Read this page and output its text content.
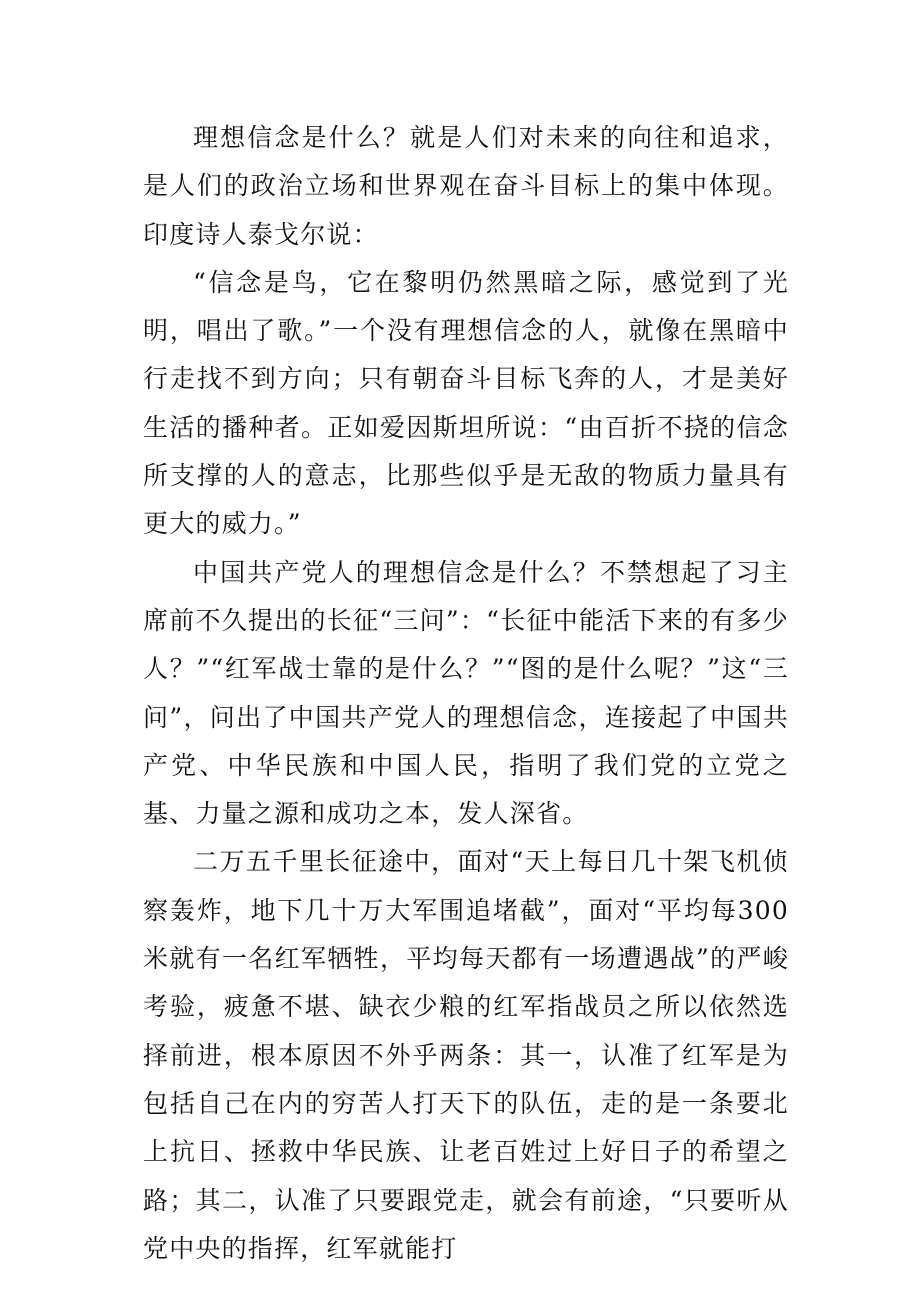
理想信念是什么？就是人们对未来的向往和追求，是人们的政治立场和世界观在奋斗目标上的集中体现。印度诗人泰戈尔说：

“信念是鸟，它在黎明仍然黑暗之际，感觉到了光明，唱出了歌。”一个没有理想信念的人，就像在黑暗中行走找不到方向；只有朝奋斗目标飞奔的人，才是美好生活的播种者。正如爱因斯坦所说：“由百折不挠的信念所支撑的人的意志，比那些似乎是无敌的物质力量具有更大的威力。”

中国共产党人的理想信念是什么？不禁想起了习主席前不久提出的长征“三问”：“长征中能活下来的有多少人？”“红军战士靠的是什么？”“图的是什么呢？”这“三问”，问出了中国共产党人的理想信念，连接起了中国共产党、中华民族和中国人民，指明了我们党的立党之基、力量之源和成功之本，发人深省。

二万五千里长征途中，面对“天上每日几十架飞机侦察轰炸，地下几十万大军围追堵截”，面对“平均每300米就有一名红军牺牲，平均每天都有一场遭遇战”的严峻考验，疲惫不堪、缺衣少粮的红军指战员之所以依然选择前进，根本原因不外乎两条：其一，认准了红军是为包括自己在内的穷苦人打天下的队伍，走的是一条要北上抗日、拯救中华民族、让老百姓过上好日子的希望之路；其二，认准了只要跟党走，就会有前途，“只要听从党中央的指挥，红军就能打
